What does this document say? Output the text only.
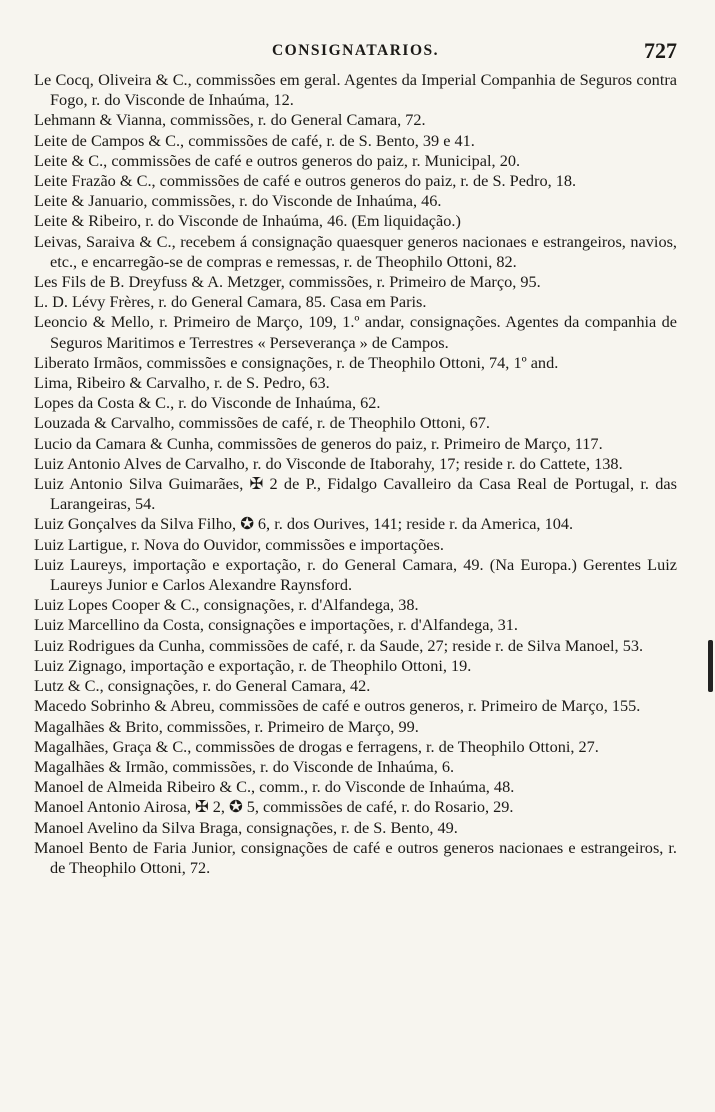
CONSIGNATARIOS.	727

Le Cocq, Oliveira & C., commissões em geral. Agentes da Imperial Companhia de Seguros contra Fogo, r. do Visconde de Inhaúma, 12.

Lehmann & Vianna, commissões, r. do General Camara, 72.

Leite de Campos & C., commissões de café, r. de S. Bento, 39 e 41.

Leite & C., commissões de café e outros generos do paiz, r. Municipal, 20.

Leite Frazão & C., commissões de café e outros generos do paiz, r. de S. Pedro, 18.

Leite & Januario, commissões, r. do Visconde de Inhaúma, 46.

Leite & Ribeiro, r. do Visconde de Inhaúma, 46. (Em liquidação.)

Leivas, Saraiva & C., recebem á consignação quaesquer generos nacionaes e estrangeiros, navios, etc., e encarregão-se de compras e remessas, r. de Theophilo Ottoni, 82.

Les Fils de B. Dreyfuss & A. Metzger, commissões, r. Primeiro de Março, 95.

L. D. Lévy Frères, r. do General Camara, 85. Casa em Paris.

Leoncio & Mello, r. Primeiro de Março, 109, 1.º andar, consignações. Agentes da companhia de Seguros Maritimos e Terrestres « Perseverança » de Campos.

Liberato Irmãos, commissões e consignações, r. de Theophilo Ottoni, 74, 1º and.

Lima, Ribeiro & Carvalho, r. de S. Pedro, 63.

Lopes da Costa & C., r. do Visconde de Inhaúma, 62.

Louzada & Carvalho, commissões de café, r. de Theophilo Ottoni, 67.

Lucio da Camara & Cunha, commissões de generos do paiz, r. Primeiro de Março, 117.

Luiz Antonio Alves de Carvalho, r. do Visconde de Itaborahy, 17; reside r. do Cattete, 138.

Luiz Antonio Silva Guimarães, ✠ 2 de P., Fidalgo Cavalleiro da Casa Real de Portugal, r. das Larangeiras, 54.

Luiz Gonçalves da Silva Filho, ✪ 6, r. dos Ourives, 141; reside r. da America, 104.

Luiz Lartigue, r. Nova do Ouvidor, commissões e importações.

Luiz Laureys, importação e exportação, r. do General Camara, 49. (Na Europa.) Gerentes Luiz Laureys Junior e Carlos Alexandre Raynsford.

Luiz Lopes Cooper & C., consignações, r. d'Alfandega, 38.

Luiz Marcellino da Costa, consignações e importações, r. d'Alfandega, 31.

Luiz Rodrigues da Cunha, commissões de café, r. da Saude, 27; reside r. de Silva Manoel, 53.

Luiz Zignago, importação e exportação, r. de Theophilo Ottoni, 19.

Lutz & C., consignações, r. do General Camara, 42.

Macedo Sobrinho & Abreu, commissões de café e outros generos, r. Primeiro de Março, 155.

Magalhães & Brito, commissões, r. Primeiro de Março, 99.

Magalhães, Graça & C., commissões de drogas e ferragens, r. de Theophilo Ottoni, 27.

Magalhães & Irmão, commissões, r. do Visconde de Inhaúma, 6.

Manoel de Almeida Ribeiro & C., comm., r. do Visconde de Inhaúma, 48.

Manoel Antonio Airosa, ✠ 2, ✪ 5, commissões de café, r. do Rosario, 29.

Manoel Avelino da Silva Braga, consignações, r. de S. Bento, 49.

Manoel Bento de Faria Junior, consignações de café e outros generos nacionaes e estrangeiros, r. de Theophilo Ottoni, 72.
